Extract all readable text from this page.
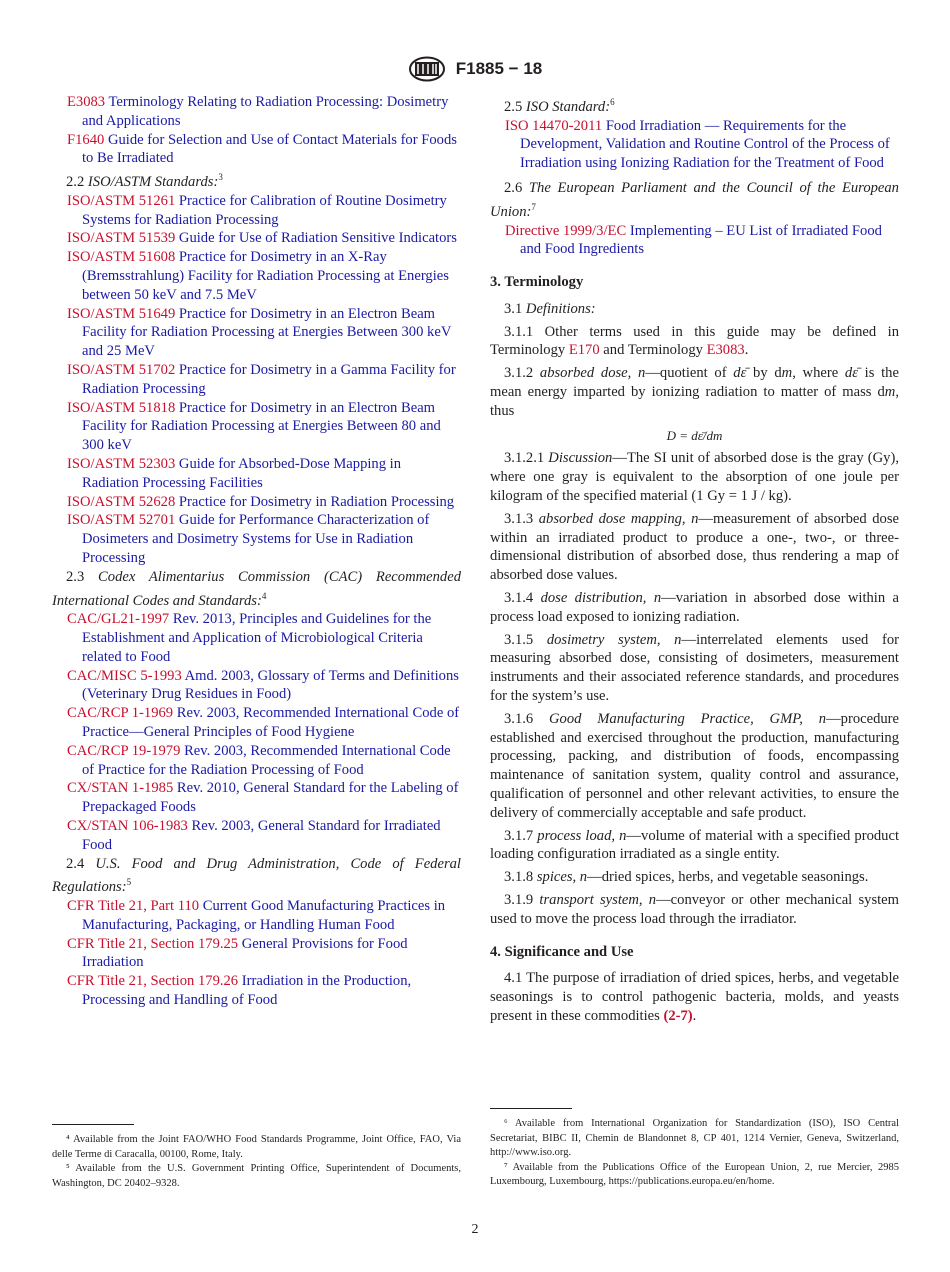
F1885 − 18

E3083 Terminology Relating to Radiation Processing: Dosimetry and Applications

F1640 Guide for Selection and Use of Contact Materials for Foods to Be Irradiated

2.2 ISO/ASTM Standards:$^3$

ISO/ASTM 51261 Practice for Calibration of Routine Dosimetry Systems for Radiation Processing

ISO/ASTM 51539 Guide for Use of Radiation Sensitive Indicators

ISO/ASTM 51608 Practice for Dosimetry in an X-Ray (Bremsstrahlung) Facility for Radiation Processing at Energies between 50 keV and 7.5 MeV

ISO/ASTM 51649 Practice for Dosimetry in an Electron Beam Facility for Radiation Processing at Energies Between 300 keV and 25 MeV

ISO/ASTM 51702 Practice for Dosimetry in a Gamma Facility for Radiation Processing

ISO/ASTM 51818 Practice for Dosimetry in an Electron Beam Facility for Radiation Processing at Energies Between 80 and 300 keV

ISO/ASTM 52303 Guide for Absorbed-Dose Mapping in Radiation Processing Facilities

ISO/ASTM 52628 Practice for Dosimetry in Radiation Processing

ISO/ASTM 52701 Guide for Performance Characterization of Dosimeters and Dosimetry Systems for Use in Radiation Processing

2.3 Codex Alimentarius Commission (CAC) Recommended International Codes and Standards:$^4$

CAC/GL21-1997 Rev. 2013, Principles and Guidelines for the Establishment and Application of Microbiological Criteria related to Food

CAC/MISC 5-1993 Amd. 2003, Glossary of Terms and Definitions (Veterinary Drug Residues in Food)

CAC/RCP 1-1969 Rev. 2003, Recommended International Code of Practice—General Principles of Food Hygiene

CAC/RCP 19-1979 Rev. 2003, Recommended International Code of Practice for the Radiation Processing of Food

CX/STAN 1-1985 Rev. 2010, General Standard for the Labeling of Prepackaged Foods

CX/STAN 106-1983 Rev. 2003, General Standard for Irradiated Food

2.4 U.S. Food and Drug Administration, Code of Federal Regulations:$^5$

CFR Title 21, Part 110 Current Good Manufacturing Practices in Manufacturing, Packaging, or Handling Human Food

CFR Title 21, Section 179.25 General Provisions for Food Irradiation

CFR Title 21, Section 179.26 Irradiation in the Production, Processing and Handling of Food

2.5 ISO Standard:$^6$

ISO 14470-2011 Food Irradiation — Requirements for the Development, Validation and Routine Control of the Process of Irradiation using Ionizing Radiation for the Treatment of Food

2.6 The European Parliament and the Council of the European Union:$^7$

Directive 1999/3/EC Implementing – EU List of Irradiated Food and Food Ingredients

3. Terminology

3.1 Definitions:

3.1.1 Other terms used in this guide may be defined in Terminology E170 and Terminology E3083.

3.1.2 absorbed dose, n—quotient of dε̄ by dm, where dε̄ is the mean energy imparted by ionizing radiation to matter of mass dm, thus

D = dε̄/dm

3.1.2.1 Discussion—The SI unit of absorbed dose is the gray (Gy), where one gray is equivalent to the absorption of one joule per kilogram of the specified material (1 Gy = 1 J / kg).

3.1.3 absorbed dose mapping, n—measurement of absorbed dose within an irradiated product to produce a one-, two-, or three-dimensional distribution of absorbed dose, thus rendering a map of absorbed dose values.

3.1.4 dose distribution, n—variation in absorbed dose within a process load exposed to ionizing radiation.

3.1.5 dosimetry system, n—interrelated elements used for measuring absorbed dose, consisting of dosimeters, measurement instruments and their associated reference standards, and procedures for the system’s use.

3.1.6 Good Manufacturing Practice, GMP, n—procedure established and exercised throughout the production, manufacturing processing, packing, and distribution of foods, encompassing maintenance of sanitation system, quality control and assurance, qualification of personnel and other relevant activities, to ensure the delivery of commercially acceptable and safe product.

3.1.7 process load, n—volume of material with a specified product loading configuration irradiated as a single entity.

3.1.8 spices, n—dried spices, herbs, and vegetable seasonings.

3.1.9 transport system, n—conveyor or other mechanical system used to move the process load through the irradiator.

4. Significance and Use

4.1 The purpose of irradiation of dried spices, herbs, and vegetable seasonings is to control pathogenic bacteria, molds, and yeasts present in these commodities (2-7).

⁴ Available from the Joint FAO/WHO Food Standards Programme, Joint Office, FAO, Via delle Terme di Caracalla, 00100, Rome, Italy.

⁵ Available from the U.S. Government Printing Office, Superintendent of Documents, Washington, DC 20402–9328.

⁶ Available from International Organization for Standardization (ISO), ISO Central Secretariat, BIBC II, Chemin de Blandonnet 8, CP 401, 1214 Vernier, Geneva, Switzerland, http://www.iso.org.

⁷ Available from the Publications Office of the European Union, 2, rue Mercier, 2985 Luxembourg, Luxembourg, https://publications.europa.eu/en/home.

2
